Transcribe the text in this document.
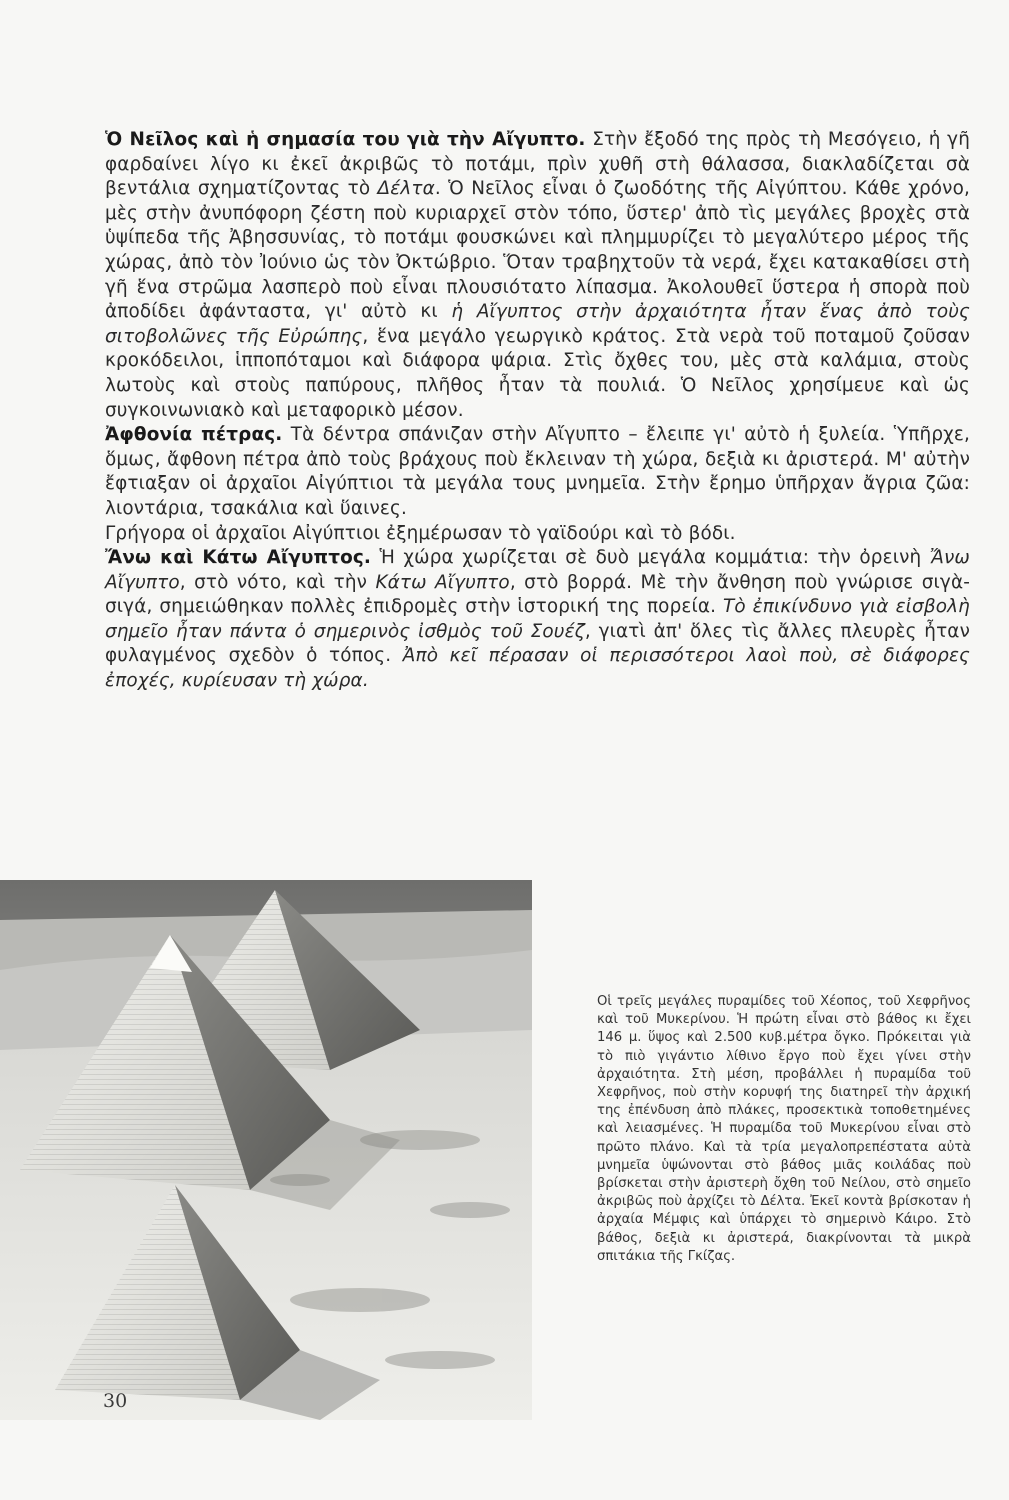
Ὁ Νεῖλος καὶ ἡ σημασία του γιὰ τὴν Αἴγυπτο. Στὴν ἔξοδό της πρὸς τὴ Μεσόγειο, ἡ γῆ φαρδαίνει λίγο κι ἐκεῖ ἀκριβῶς τὸ ποτάμι, πρὶν χυθῆ στὴ θάλασσα, διακλαδίζεται σὰ βεντάλια σχηματίζοντας τὸ Δέλτα. Ὁ Νεῖλος εἶναι ὁ ζωοδότης τῆς Αἰγύπτου. Κάθε χρόνο, μὲς στὴν ἀνυπόφορη ζέστη ποὺ κυριαρχεῖ στὸν τόπο, ὕστερ' ἀπὸ τὶς μεγάλες βροχὲς στὰ ὑψίπεδα τῆς Ἀβησσυνίας, τὸ ποτάμι φουσκώνει καὶ πλημμυρίζει τὸ μεγαλύτερο μέρος τῆς χώρας, ἀπὸ τὸν Ἰούνιο ὡς τὸν Ὀκτώβριο. Ὅταν τραβηχτοῦν τὰ νερά, ἔχει κατακαθίσει στὴ γῆ ἕνα στρῶμα λασπερὸ ποὺ εἶναι πλουσιότατο λίπασμα. Ἀκολουθεῖ ὕστερα ἡ σπορὰ ποὺ ἀποδίδει ἀφάνταστα, γι' αὐτὸ κι ἡ Αἴγυπτος στὴν ἀρχαιότητα ἦταν ἕνας ἀπὸ τοὺς σιτοβολῶνες τῆς Εὐρώπης, ἕνα μεγάλο γεωργικὸ κράτος. Στὰ νερὰ τοῦ ποταμοῦ ζοῦσαν κροκόδειλοι, ἱπποπόταμοι καὶ διάφορα ψάρια. Στὶς ὄχθες του, μὲς στὰ καλάμια, στοὺς λωτοὺς καὶ στοὺς παπύρους, πλῆθος ἦταν τὰ πουλιά. Ὁ Νεῖλος χρησίμευε καὶ ὡς συγκοινωνιακὸ καὶ μεταφορικὸ μέσον.

Ἀφθονία πέτρας. Τὰ δέντρα σπάνιζαν στὴν Αἴγυπτο – ἔλειπε γι' αὐτὸ ἡ ξυλεία. Ὑπῆρχε, ὅμως, ἄφθονη πέτρα ἀπὸ τοὺς βράχους ποὺ ἔκλειναν τὴ χώρα, δεξιὰ κι ἀριστερά. Μ' αὐτὴν ἔφτιαξαν οἱ ἀρχαῖοι Αἰγύπτιοι τὰ μεγάλα τους μνημεῖα. Στὴν ἔρημο ὑπῆρχαν ἄγρια ζῶα: λιοντάρια, τσακάλια καὶ ὕαινες.

Γρήγορα οἱ ἀρχαῖοι Αἰγύπτιοι ἐξημέρωσαν τὸ γαϊδούρι καὶ τὸ βόδι.

Ἄνω καὶ Κάτω Αἴγυπτος. Ἡ χώρα χωρίζεται σὲ δυὸ μεγάλα κομμάτια: τὴν ὀρεινὴ Ἄνω Αἴγυπτο, στὸ νότο, καὶ τὴν Κάτω Αἴγυπτο, στὸ βορρά. Μὲ τὴν ἄνθηση ποὺ γνώρισε σιγὰ-σιγά, σημειώθηκαν πολλὲς ἐπιδρομὲς στὴν ἱστορική της πορεία. Τὸ ἐπικίνδυνο γιὰ εἰσβολὴ σημεῖο ἦταν πάντα ὁ σημερινὸς ἰσθμὸς τοῦ Σουέζ, γιατὶ ἀπ' ὅλες τὶς ἄλλες πλευρὲς ἦταν φυλαγμένος σχεδὸν ὁ τόπος. Ἀπὸ κεῖ πέρασαν οἱ περισσότεροι λαοὶ ποὺ, σὲ διάφορες ἐποχές, κυρίευσαν τὴ χώρα.

Οἱ τρεῖς μεγάλες πυραμίδες τοῦ Χέοπος, τοῦ Χεφρῆνος καὶ τοῦ Μυκερίνου. Ἡ πρώτη εἶναι στὸ βάθος κι ἔχει 146 μ. ὕψος καὶ 2.500 κυβ.μέτρα ὄγκο. Πρόκειται γιὰ τὸ πιὸ γιγάντιο λίθινο ἔργο ποὺ ἔχει γίνει στὴν ἀρχαιότητα. Στὴ μέση, προβάλλει ἡ πυραμίδα τοῦ Χεφρῆνος, ποὺ στὴν κορυφή της διατηρεῖ τὴν ἀρχική της ἐπένδυση ἀπὸ πλάκες, προσεκτικὰ τοποθετημένες καὶ λειασμένες. Ἡ πυραμίδα τοῦ Μυκερίνου εἶναι στὸ πρῶτο πλάνο. Καὶ τὰ τρία μεγαλοπρεπέστατα αὐτὰ μνημεῖα ὑψώνονται στὸ βάθος μιᾶς κοιλάδας ποὺ βρίσκεται στὴν ἀριστερὴ ὄχθη τοῦ Νείλου, στὸ σημεῖο ἀκριβῶς ποὺ ἀρχίζει τὸ Δέλτα. Ἐκεῖ κοντὰ βρίσκοταν ἡ ἀρχαία Μέμφις καὶ ὑπάρχει τὸ σημερινὸ Κάιρο. Στὸ βάθος, δεξιὰ κι ἀριστερά, διακρίνονται τὰ μικρὰ σπιτάκια τῆς Γκίζας.

30
